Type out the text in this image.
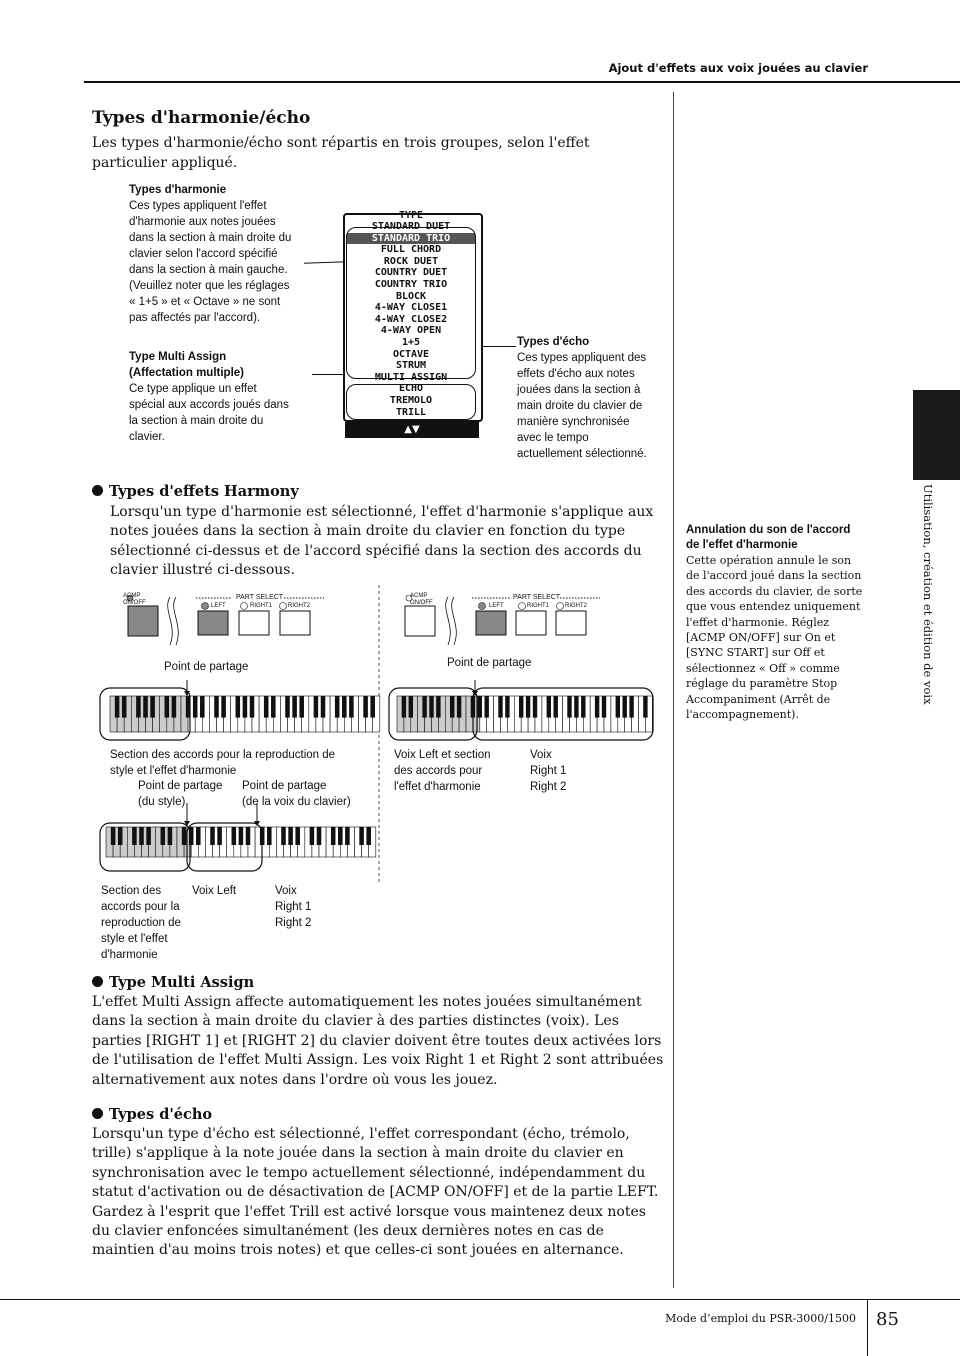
Ajout d'effets aux voix jouées au clavier
Utilisation, création et édition de voix
Types d'harmonie/écho
Les types d'harmonie/écho sont répartis en trois groupes, selon l'effet particulier appliqué.
Types d'harmonie
Ces types appliquent l'effet
d'harmonie aux notes jouées
dans la section à main droite du
clavier selon l'accord spécifié
dans la section à main gauche.
(Veuillez noter que les réglages
« 1+5 » et « Octave » ne sont
pas affectés par l'accord).
Type Multi Assign
(Affectation multiple)
Ce type applique un effet
spécial aux accords joués dans
la section à main droite du
clavier.
Types d'écho
Ces types appliquent des
effets d'écho aux notes
jouées dans la section à
main droite du clavier de
manière synchronisée
avec le tempo
actuellement sélectionné.
TYPE
STANDARD DUET
STANDARD TRIO
FULL CHORD
ROCK DUET
COUNTRY DUET
COUNTRY TRIO
BLOCK
4-WAY CLOSE1
4-WAY CLOSE2
4-WAY OPEN
1+5
OCTAVE
STRUM
MULTI ASSIGN
ECHO
TREMOLO
TRILL
▲▼
Types d'effets Harmony
Lorsqu'un type d'harmonie est sélectionné, l'effet d'harmonie s'applique aux notes jouées dans la section à main droite du clavier en fonction du type sélectionné ci-dessus et de l'accord spécifié dans la section des accords du clavier illustré ci-dessous.
ACMP
ON/OFF
PART SELECT
LEFT	RIGHT1	RIGHT2
ACMP
ON/OFF
PART SELECT
LEFT	RIGHT1	RIGHT2
Point de partage	Point de partage
Section des accords pour la reproduction de
style et l'effet d'harmonie
Point de partage
(du style)
Point de partage
(de la voix du clavier)
Voix Left et section
des accords pour
l'effet d'harmonie
Voix
Right 1
Right 2
Section des
accords pour la
reproduction de
style et l'effet
d'harmonie
Voix Left	Voix
Right 1
Right 2
Annulation du son de l'accord
de l'effet d'harmonie
Cette opération annule le son de l'accord joué dans la section des accords du clavier, de sorte que vous entendez uniquement l'effet d'harmonie. Réglez [ACMP ON/OFF] sur On et [SYNC START] sur Off et sélectionnez « Off » comme réglage du paramètre Stop Accompaniment (Arrêt de l'accompagnement).
Type Multi Assign
L'effet Multi Assign affecte automatiquement les notes jouées simultanément dans la section à main droite du clavier à des parties distinctes (voix). Les parties [RIGHT 1] et [RIGHT 2] du clavier doivent être toutes deux activées lors de l'utilisation de l'effet Multi Assign. Les voix Right 1 et Right 2 sont attribuées alternativement aux notes dans l'ordre où vous les jouez.
Types d'écho
Lorsqu'un type d'écho est sélectionné, l'effet correspondant (écho, trémolo, trille) s'applique à la note jouée dans la section à main droite du clavier en synchronisation avec le tempo actuellement sélectionné, indépendamment du statut d'activation ou de désactivation de [ACMP ON/OFF] et de la partie LEFT. Gardez à l'esprit que l'effet Trill est activé lorsque vous maintenez deux notes du clavier enfoncées simultanément (les deux dernières notes en cas de maintien d'au moins trois notes) et que celles-ci sont jouées en alternance.
Mode d’emploi du PSR-3000/1500 85
